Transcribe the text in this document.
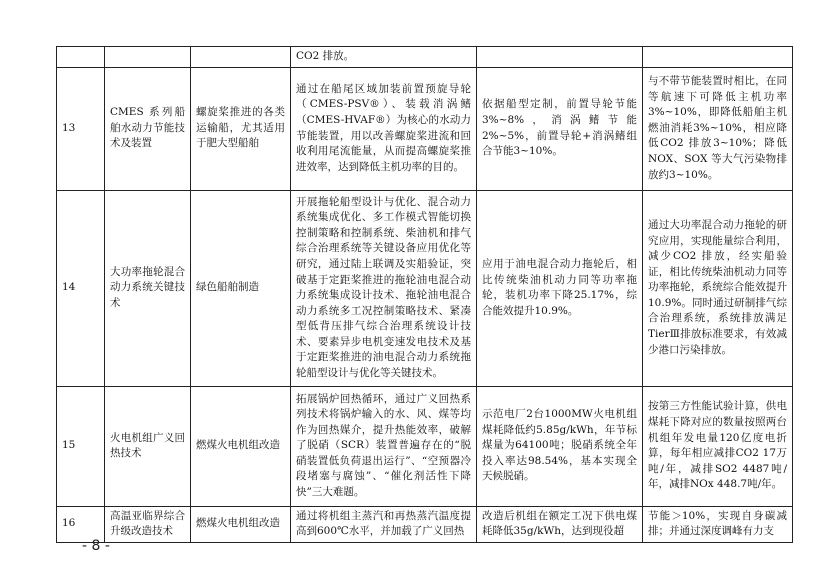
			CO2 排放。		
13	CMES 系列船舶水动力节能技术及装置	螺旋桨推进的各类运输船，尤其适用于肥大型船舶	通过在船尾区域加装前置预旋导轮（CMES-PSV®）、装载消涡鳍（CMES-HVAF®）为核心的水动力节能装置，用以改善螺旋桨进流和回收利用尾流能量，从而提高螺旋桨推进效率，达到降低主机功率的目的。	依据船型定制，前置导轮节能3%~8%，消涡鳍节能2%~5%，前置导轮+消涡鳍组合节能3~10%。	与不带节能装置时相比，在同等航速下可降低主机功率3%~10%，即降低船舶主机燃油消耗3%~10%，相应降低CO2 排放3~10%；降低NOX、SOX 等大气污染物排放约3~10%。
14	大功率拖轮混合动力系统关键技术	绿色船舶制造	开展拖轮船型设计与优化、混合动力系统集成优化、多工作模式智能切换控制策略和控制系统、柴油机和排气综合治理系统等关键设备应用优化等研究，通过陆上联调及实船验证，突破基于定距桨推进的拖轮油电混合动力系统集成设计技术、拖轮油电混合动力系统多工况控制策略技术、紧凑型低背压排气综合治理系统设计技术、要素异步电机变速发电技术及基于定距桨推进的油电混合动力系统拖轮船型设计与优化等关键技术。	应用于油电混合动力拖轮后，相比传统柴油机动力同等功率拖轮，装机功率下降25.17%，综合能效提升10.9%。	通过大功率混合动力拖轮的研究应用，实现能量综合利用，减少CO2 排放，经实船验证，相比传统柴油机动力同等功率拖轮，系统综合能效提升10.9%。同时通过研制排气综合治理系统，系统排放满足 TierⅢ排放标准要求，有效减少港口污染排放。
15	火电机组广义回热技术	燃煤火电机组改造	拓展锅炉回热循环，通过广义回热系列技术将锅炉输入的水、风、煤等均作为回热媒介，提升热能效率，破解了脱硝（SCR）装置普遍存在的“脱硝装置低负荷退出运行”、“空预器冷段堵塞与腐蚀”、“催化剂活性下降快”三大难题。	示范电厂2台1000MW火电机组煤耗降低约5.85g/kWh，年节标煤量为64100吨；脱硝系统全年投入率达98.54%，基本实现全天候脱硝。	按第三方性能试验计算，供电煤耗下降对应的数量按照两台机组年发电量120亿度电折算，每年相应减排CO2 17万吨/年，减排SO2 4487吨/年，减排NOx 448.7吨/年。
16	高温亚临界综合升级改造技术	燃煤火电机组改造	通过将机组主蒸汽和再热蒸汽温度提高到600℃水平，并加载了广义回热	改造后机组在额定工况下供电煤耗降低35g/kWh，达到现役超	节能＞10%，实现自身碳减排；并通过深度调峰有力支
- 8 -
